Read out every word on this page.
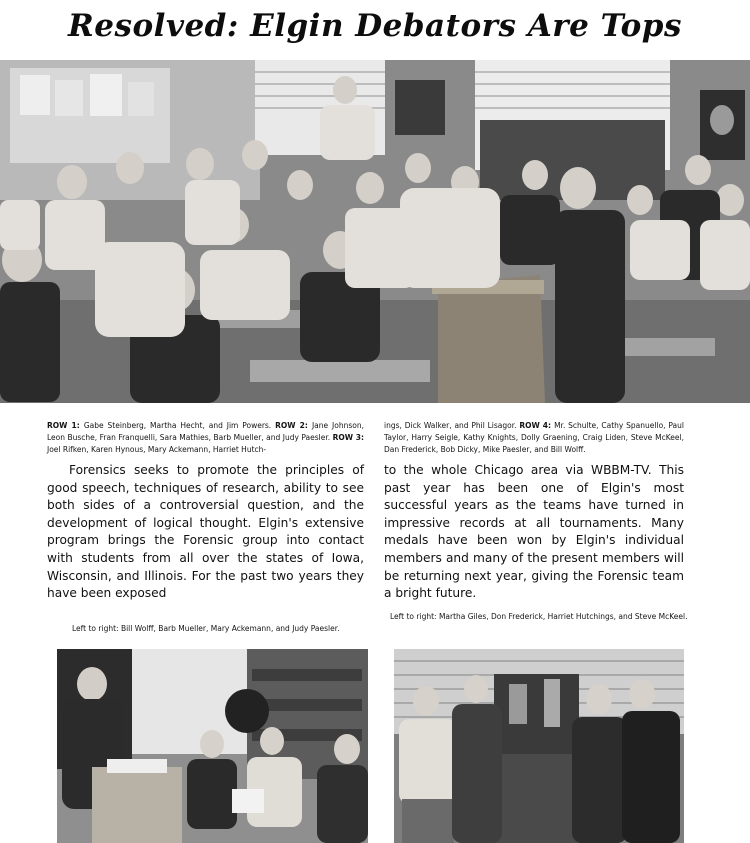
Resolved: Elgin Debators Are Tops
ROW 1: Gabe Steinberg, Martha Hecht, and Jim Powers. ROW 2: Jane Johnson, Leon Busche, Fran Franquelli, Sara Mathies, Barb Mueller, and Judy Paesler. ROW 3: Joel Rifken, Karen Hynous, Mary Ackemann, Harriet Hutch-
ings, Dick Walker, and Phil Lisagor. ROW 4: Mr. Schulte, Cathy Spanuello, Paul Taylor, Harry Seigle, Kathy Knights, Dolly Graening, Craig Liden, Steve McKeel, Dan Frederick, Bob Dicky, Mike Paesler, and Bill Wolff.

Forensics seeks to promote the principles of good speech, techniques of research, ability to see both sides of a controversial question, and the development of logical thought. Elgin's extensive program brings the Forensic group into contact with students from all over the states of Iowa, Wisconsin, and Illinois. For the past two years they have been exposed

to the whole Chicago area via WBBM-TV. This past year has been one of Elgin's most successful years as the teams have turned in impressive records at all tournaments. Many medals have been won by Elgin's individual members and many of the present members will be returning next year, giving the Forensic team a bright future.

Left to right: Bill Wolff, Barb Mueller, Mary Ackemann, and Judy Paesler.
Left to right: Martha Giles, Don Frederick, Harriet Hutchings, and Steve McKeel.
